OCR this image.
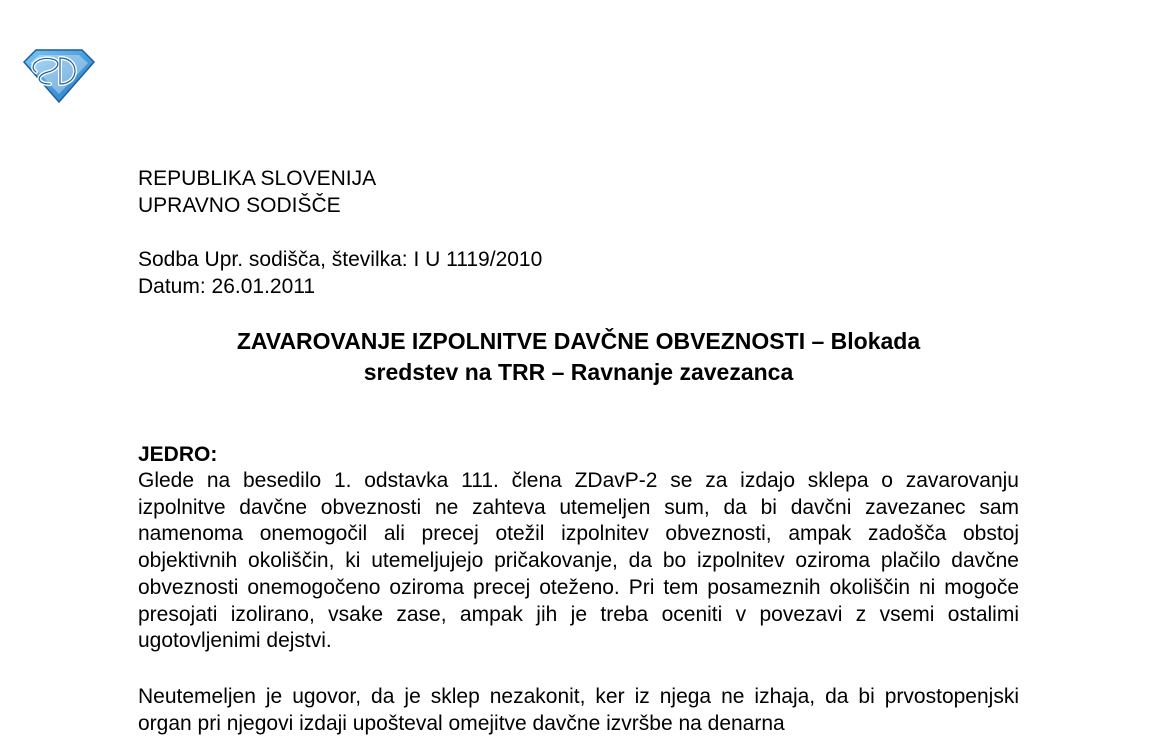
REPUBLIKA SLOVENIJA
UPRAVNO SODIŠČE
Sodba Upr. sodišča, številka: I U 1119/2010
Datum: 26.01.2011
ZAVAROVANJE IZPOLNITVE DAVČNE OBVEZNOSTI – Blokada
sredstev na TRR – Ravnanje zavezanca
JEDRO:
Glede na besedilo 1. odstavka 111. člena ZDavP-2 se za izdajo sklepa o zavarovanju izpolnitve davčne obveznosti ne zahteva utemeljen sum, da bi davčni zavezanec sam namenoma onemogočil ali precej otežil izpolnitev obveznosti, ampak zadošča obstoj objektivnih okoliščin, ki utemeljujejo pričakovanje, da bo izpolnitev oziroma plačilo davčne obveznosti onemogočeno oziroma precej oteženo. Pri tem posameznih okoliščin ni mogoče presojati izolirano, vsake zase, ampak jih je treba oceniti v povezavi z vsemi ostalimi ugotovljenimi dejstvi.
Neutemeljen je ugovor, da je sklep nezakonit, ker iz njega ne izhaja, da bi prvostopenjski organ pri njegovi izdaji upošteval omejitve davčne izvršbe na denarna
